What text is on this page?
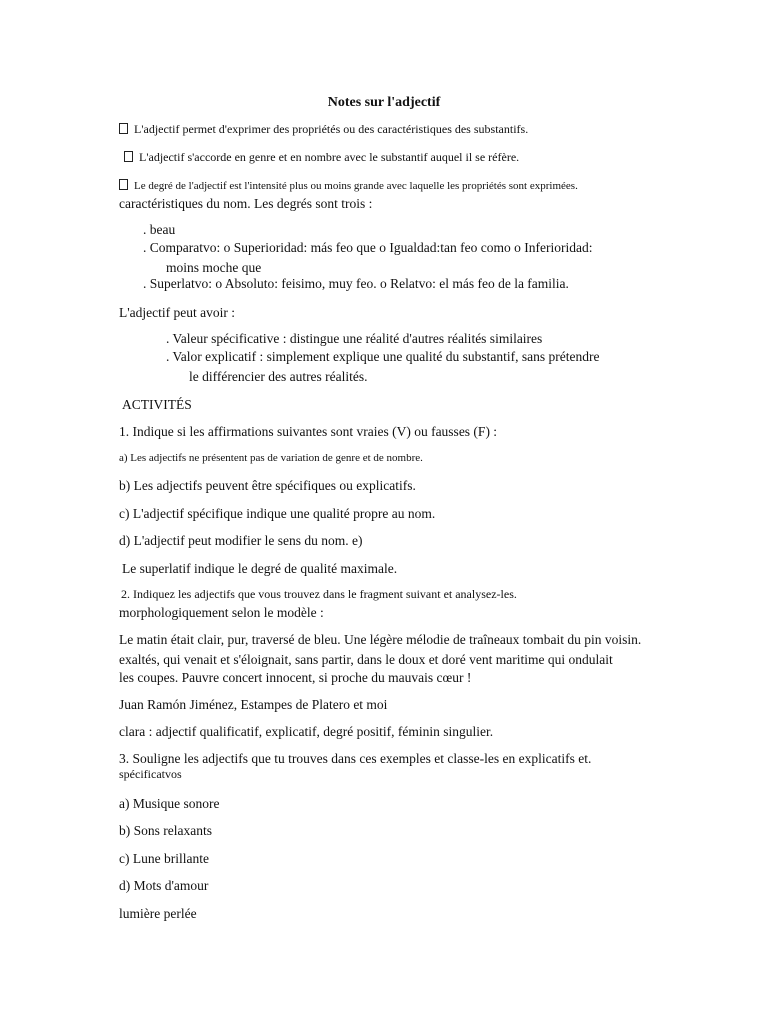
Notes sur l'adjectif
L'adjectif permet d'exprimer des propriétés ou des caractéristiques des substantifs.
L'adjectif s'accorde en genre et en nombre avec le substantif auquel il se réfère.
Le degré de l'adjectif est l'intensité plus ou moins grande avec laquelle les propriétés sont exprimées.
caractéristiques du nom. Les degrés sont trois :
. beau
. Comparatvo: o Superioridad: más feo que o Igualdad:tan feo como o Inferioridad:
moins moche que
. Superlatvo: o Absoluto: feisimo, muy feo. o Relatvo: el más feo de la familia.
L'adjectif peut avoir :
. Valeur spécificative : distingue une réalité d'autres réalités similaires
. Valor explicatif : simplement explique une qualité du substantif, sans prétendre
le différencier des autres réalités.
ACTIVITÉS
1. Indique si les affirmations suivantes sont vraies (V) ou fausses (F) :
a) Les adjectifs ne présentent pas de variation de genre et de nombre.
b) Les adjectifs peuvent être spécifiques ou explicatifs.
c) L'adjectif spécifique indique une qualité propre au nom.
d) L'adjectif peut modifier le sens du nom. e)
Le superlatif indique le degré de qualité maximale.
2. Indiquez les adjectifs que vous trouvez dans le fragment suivant et analysez-les.
morphologiquement selon le modèle :
Le matin était clair, pur, traversé de bleu. Une légère mélodie de traîneaux tombait du pin voisin.
exaltés, qui venait et s'éloignait, sans partir, dans le doux et doré vent maritime qui ondulait
les coupes. Pauvre concert innocent, si proche du mauvais cœur !
Juan Ramón Jiménez, Estampes de Platero et moi
clara : adjectif qualificatif, explicatif, degré positif, féminin singulier.
3. Souligne les adjectifs que tu trouves dans ces exemples et classe-les en explicatifs et.
spécificatvos
a) Musique sonore
b) Sons relaxants
c) Lune brillante
d) Mots d'amour
lumière perlée
